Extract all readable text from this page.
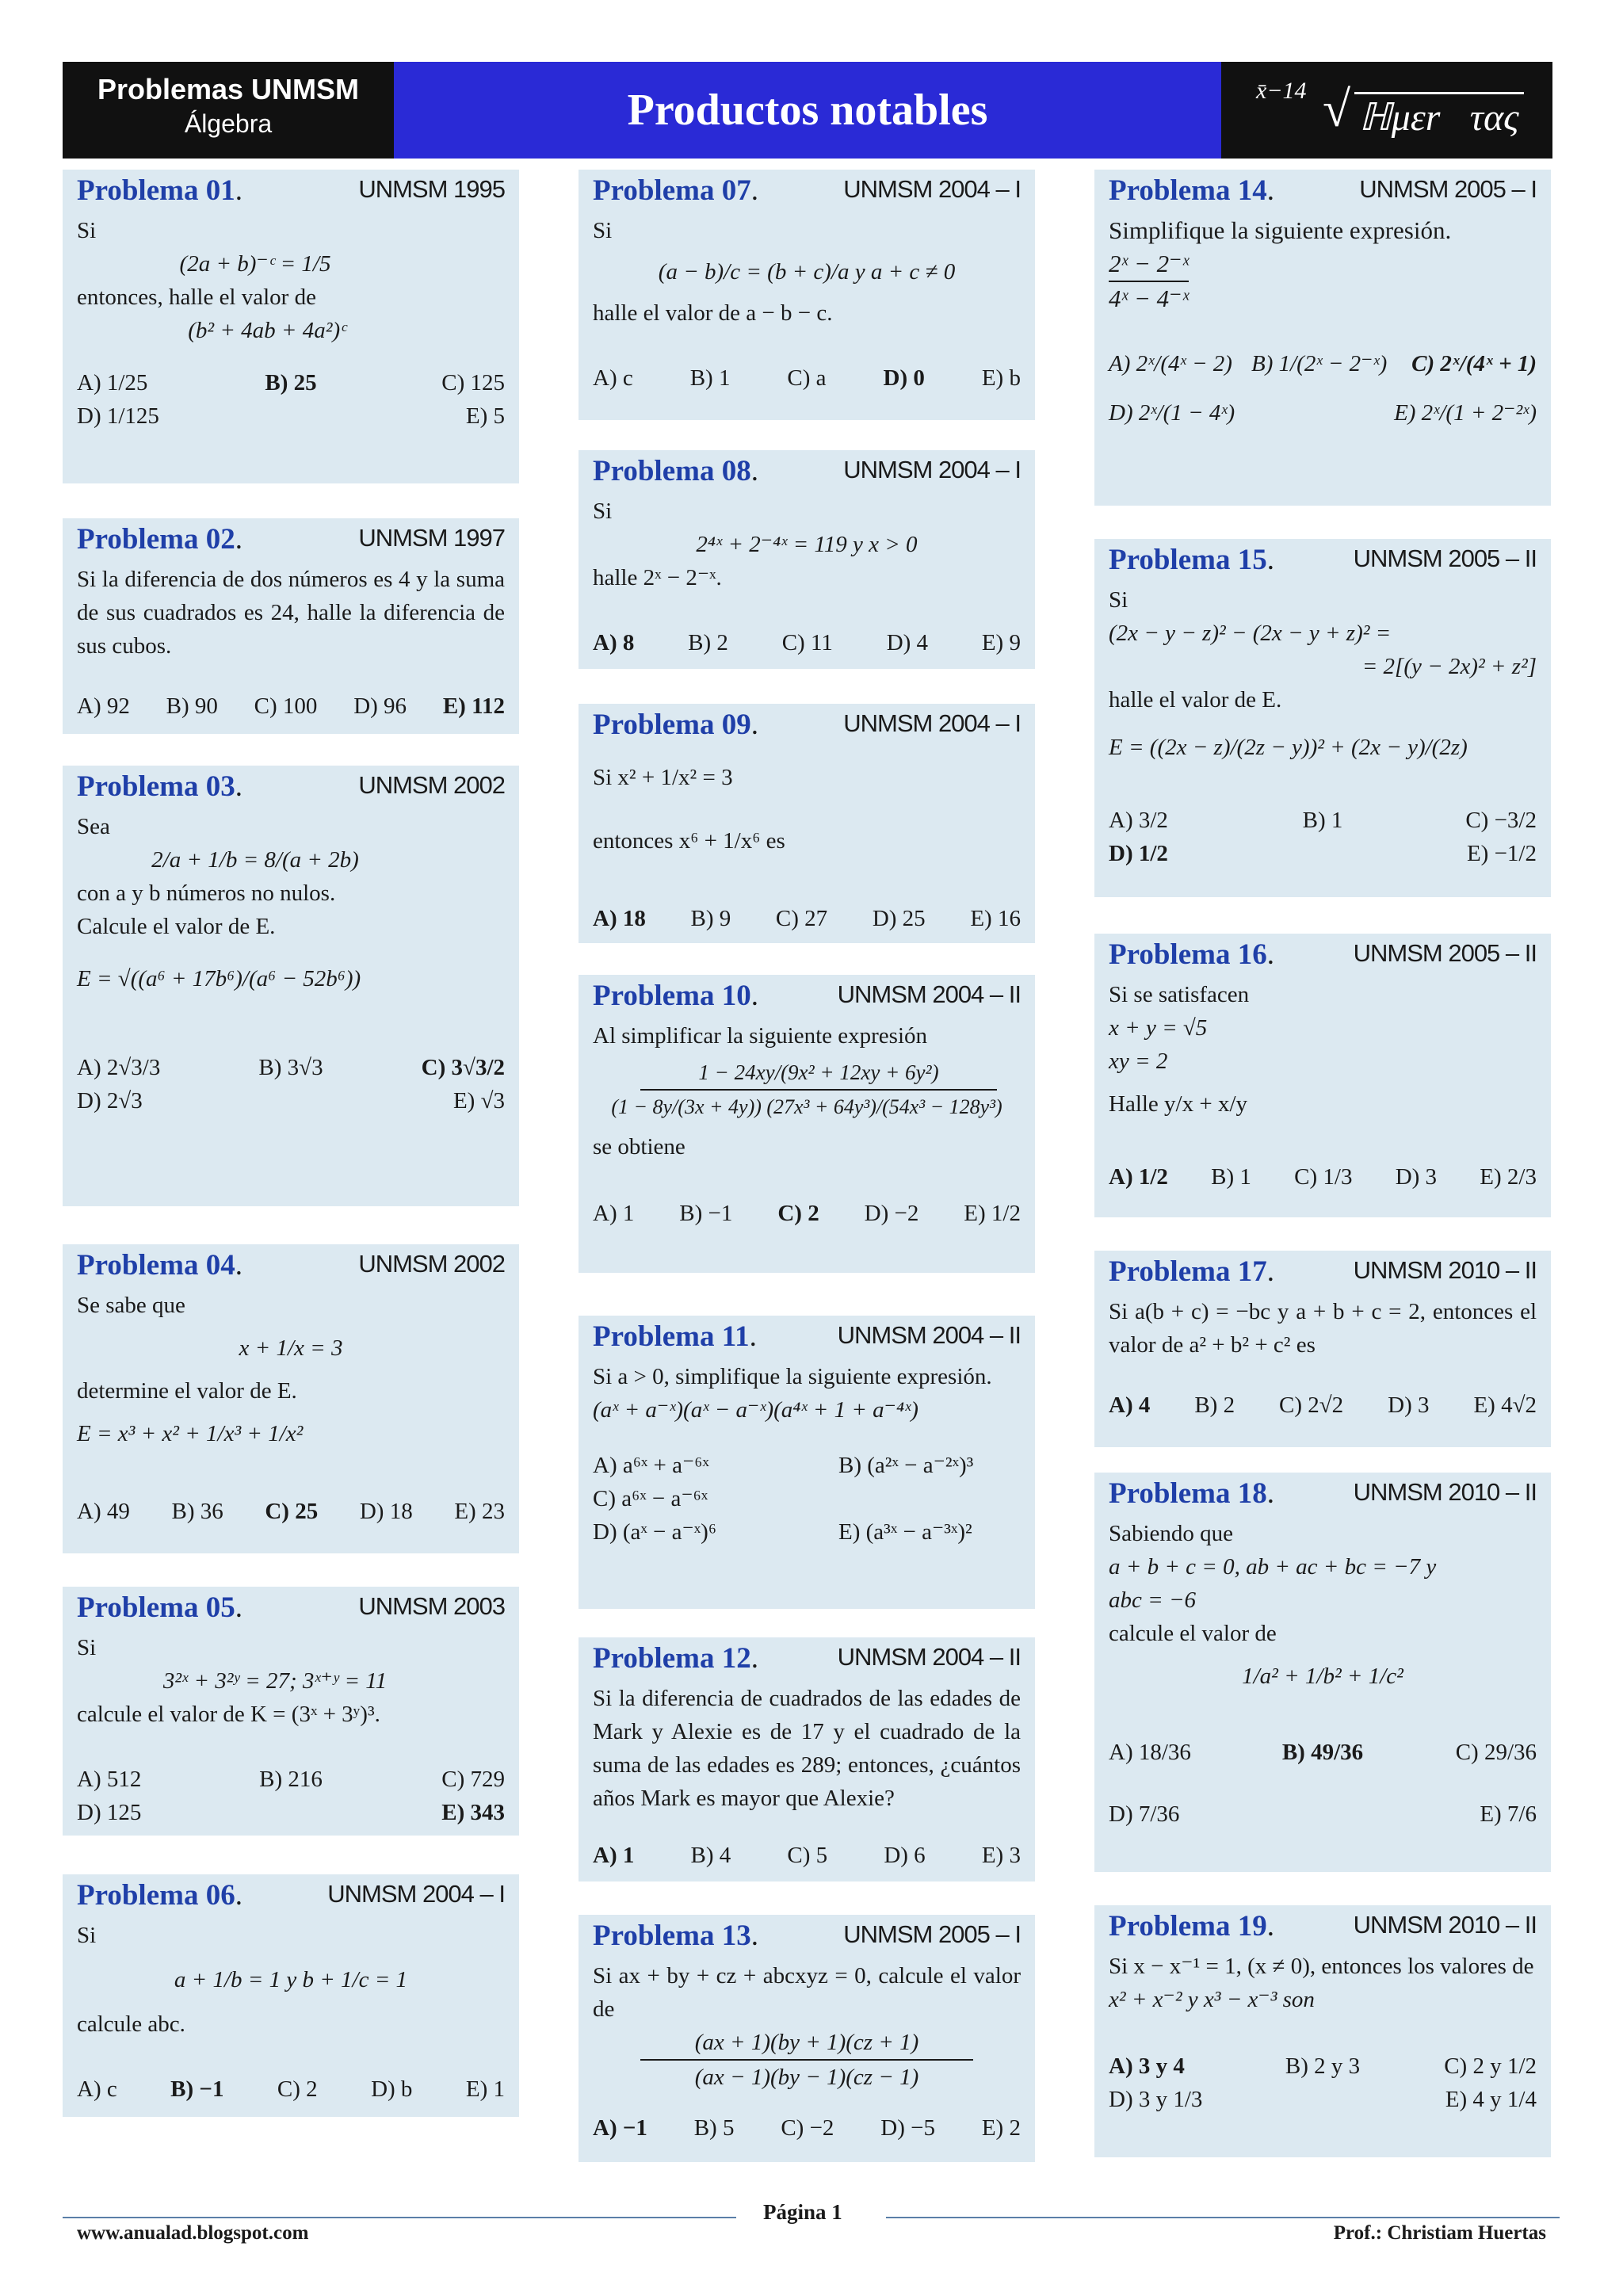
Problemas UNMSM
Álgebra	Productos notables	x̄−14 √ ℍμεr⃗τας
Problema 01.	UNMSM 1995
Si
(2a + b)⁻ᶜ = 1/5
entonces, halle el valor de
(b² + 4ab + 4a²)ᶜ
A) 1/25	B) 25	C) 125
D) 1/125	E) 5
Problema 02.	UNMSM 1997
Si la diferencia de dos números es 4 y la suma de sus cuadrados es 24, halle la diferencia de sus cubos.
A) 92 B) 90 C) 100 D) 96 E) 112
Problema 03.	UNMSM 2002
Sea
2/a + 1/b = 8/(a + 2b)
con a y b números no nulos.
Calcule el valor de E.
E = √((a⁶ + 17b⁶)/(a⁶ − 52b⁶))
A) 2√3/3	B) 3√3	C) 3√3/2
D) 2√3	E) √3
Problema 04.	UNMSM 2002
Se sabe que
x + 1/x = 3
determine el valor de E.
E = x³ + x² + 1/x³ + 1/x²
A) 49 B) 36 C) 25 D) 18 E) 23
Problema 05.	UNMSM 2003
Si
3²ˣ + 3²ʸ = 27; 3ˣ⁺ʸ = 11
calcule el valor de K = (3ˣ + 3ʸ)³.
A) 512	B) 216	C) 729
D) 125	E) 343
Problema 06.	UNMSM 2004 – I
Si
a + 1/b = 1 y b + 1/c = 1
calcule abc.
A) c B) −1 C) 2 D) b E) 1
Problema 07.	UNMSM 2004 – I
Si
(a − b)/c = (b + c)/a y a + c ≠ 0
halle el valor de a − b − c.
A) c B) 1 C) a D) 0 E) b
Problema 08.	UNMSM 2004 – I
Si
2⁴ˣ + 2⁻⁴ˣ = 119 y x > 0
halle 2ˣ − 2⁻ˣ.
A) 8 B) 2 C) 11 D) 4 E) 9
Problema 09.	UNMSM 2004 – I
Si x² + 1/x² = 3
entonces x⁶ + 1/x⁶ es
A) 18 B) 9 C) 27 D) 25 E) 16
Problema 10.	UNMSM 2004 – II
Al simplificar la siguiente expresión
1 − 24xy/(9x² + 12xy + 6y²)
(1 − 8y/(3x + 4y)) (27x³ + 64y³)/(54x³ − 128y³)
se obtiene
A) 1 B) −1 C) 2 D) −2 E) 1/2
Problema 11.	UNMSM 2004 – II
Si a > 0, simplifique la siguiente expresión.
(aˣ + a⁻ˣ)(aˣ − a⁻ˣ)(a⁴ˣ + 1 + a⁻⁴ˣ)
A) a⁶ˣ + a⁻⁶ˣ	B) (a²ˣ − a⁻²ˣ)³
C) a⁶ˣ − a⁻⁶ˣ
D) (aˣ − a⁻ˣ)⁶	E) (a³ˣ − a⁻³ˣ)²
Problema 12.	UNMSM 2004 – II
Si la diferencia de cuadrados de las edades de Mark y Alexie es de 17 y el cuadrado de la suma de las edades es 289; entonces, ¿cuántos años Mark es mayor que Alexie?
A) 1 B) 4 C) 5 D) 6 E) 3
Problema 13.	UNMSM 2005 – I
Si ax + by + cz + abcxyz = 0, calcule el valor de
(ax + 1)(by + 1)(cz + 1)
(ax − 1)(by − 1)(cz − 1)
A) −1 B) 5 C) −2 D) −5 E) 2
Problema 14.	UNMSM 2005 – I
Simplifique la siguiente expresión.
2ˣ − 2⁻ˣ
4ˣ − 4⁻ˣ
A) 2ˣ/(4ˣ − 2) B) 1/(2ˣ − 2⁻ˣ)	C) 2ˣ/(4ˣ + 1)
D) 2ˣ/(1 − 4ˣ)	E) 2ˣ/(1 + 2⁻²ˣ)
Problema 15.	UNMSM 2005 – II
Si
(2x − y − z)² − (2x − y + z)² =
= 2[(y − 2x)² + z²]
halle el valor de E.
E = ((2x − z)/(2z − y))² + (2x − y)/(2z)
A) 3/2	B) 1	C) −3/2
D) 1/2	E) −1/2
Problema 16.	UNMSM 2005 – II
Si se satisfacen
x + y = √5
xy = 2
Halle y/x + x/y
A) 1/2 B) 1 C) 1/3 D) 3 E) 2/3
Problema 17.	UNMSM 2010 – II
Si a(b + c) = −bc y a + b + c = 2, entonces el valor de a² + b² + c² es
A) 4 B) 2 C) 2√2 D) 3 E) 4√2
Problema 18.	UNMSM 2010 – II
Sabiendo que
a + b + c = 0, ab + ac + bc = −7 y
abc = −6
calcule el valor de
1/a² + 1/b² + 1/c²
A) 18/36	B) 49/36	C) 29/36
D) 7/36	E) 7/6
Problema 19.	UNMSM 2010 – II
Si x − x⁻¹ = 1, (x ≠ 0), entonces los valores de
x² + x⁻² y x³ − x⁻³ son
A) 3 y 4	B) 2 y 3	C) 2 y 1/2
D) 3 y 1/3	E) 4 y 1/4
Página 1
www.anualad.blogspot.com	Prof.: Christiam Huertas
